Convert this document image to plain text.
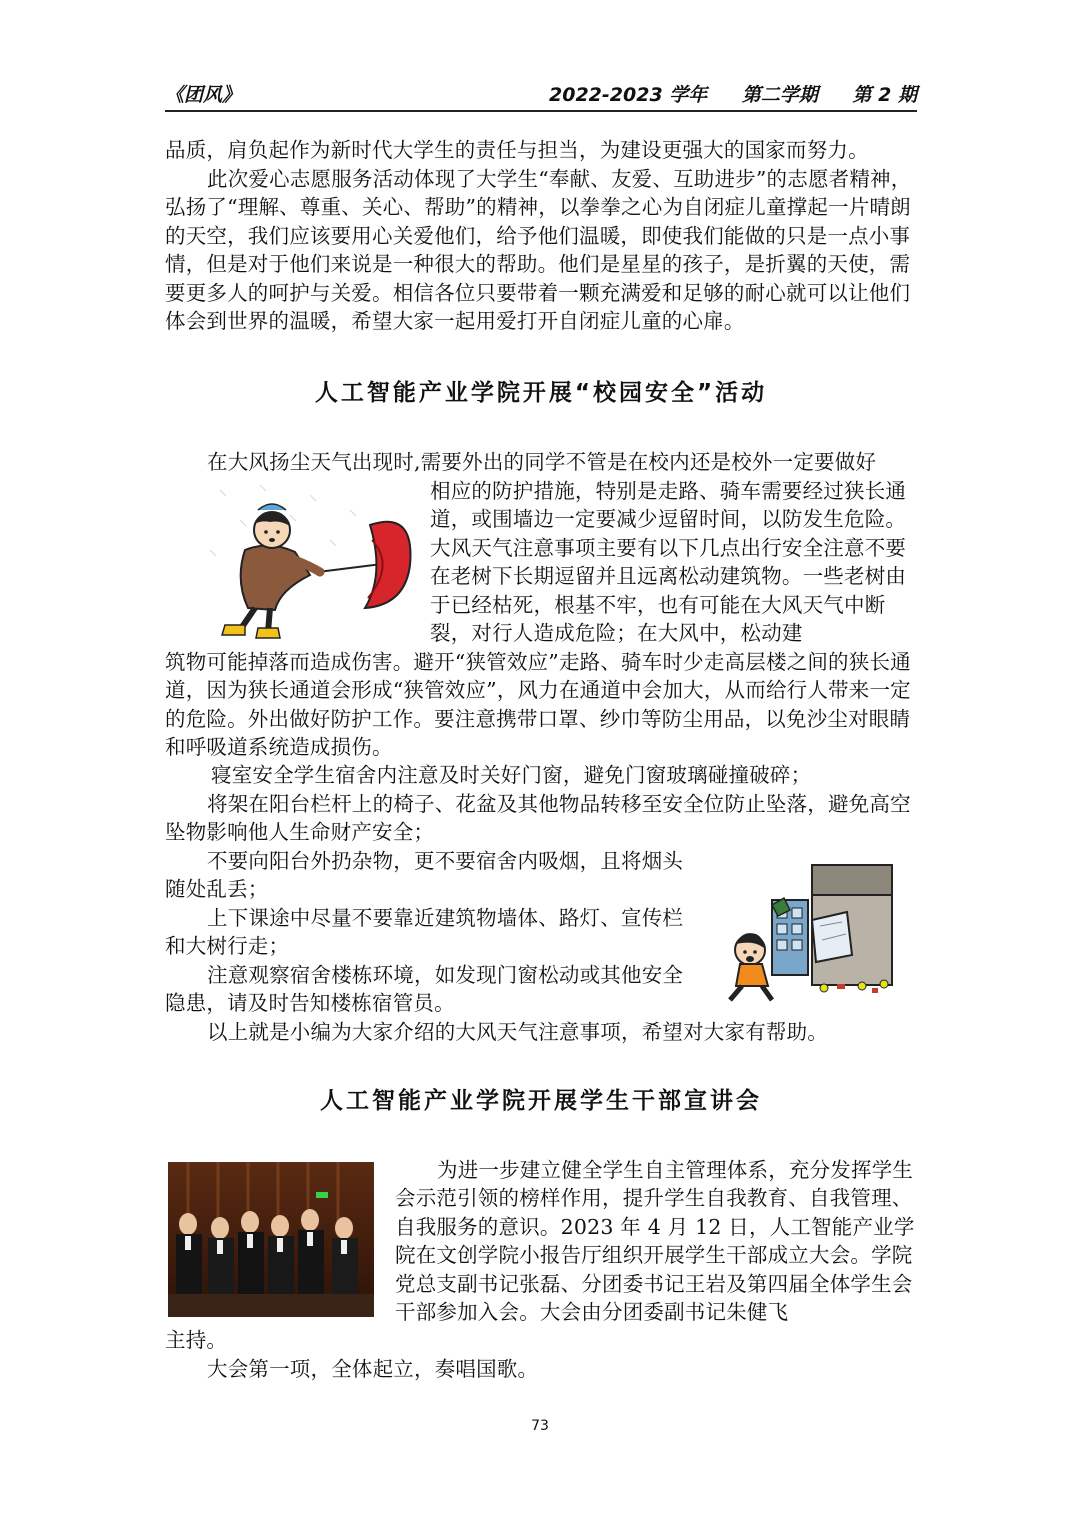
《团风》	2022-2023 学年 第二学期 第 2 期

品质，肩负起作为新时代大学生的责任与担当，为建设更强大的国家而努力。

此次爱心志愿服务活动体现了大学生“奉献、友爱、互助进步”的志愿者精神，弘扬了“理解、尊重、关心、帮助”的精神，以拳拳之心为自闭症儿童撑起一片晴朗的天空，我们应该要用心关爱他们，给予他们温暖，即使我们能做的只是一点小事情，但是对于他们来说是一种很大的帮助。他们是星星的孩子，是折翼的天使，需要更多人的呵护与关爱。相信各位只要带着一颗充满爱和足够的耐心就可以让他们体会到世界的温暖，希望大家一起用爱打开自闭症儿童的心扉。

人工智能产业学院开展“校园安全”活动

在大风扬尘天气出现时,需要外出的同学不管是在校内还是校外一定要做好

相应的防护措施，特别是走路、骑车需要经过狭长通道，或围墙边一定要减少逗留时间，以防发生危险。大风天气注意事项主要有以下几点出行安全注意不要在老树下长期逗留并且远离松动建筑物。一些老树由于已经枯死，根基不牢，也有可能在大风天气中断裂，对行人造成危险；在大风中，松动建

筑物可能掉落而造成伤害。避开“狭管效应”走路、骑车时少走高层楼之间的狭长通道，因为狭长通道会形成“狭管效应”，风力在通道中会加大，从而给行人带来一定的危险。外出做好防护工作。要注意携带口罩、纱巾等防尘用品，以免沙尘对眼睛和呼吸道系统造成损伤。

寝室安全学生宿舍内注意及时关好门窗，避免门窗玻璃碰撞破碎；

将架在阳台栏杆上的椅子、花盆及其他物品转移至安全位防止坠落，避免高空坠物影响他人生命财产安全；

不要向阳台外扔杂物，更不要宿舍内吸烟，且将烟头随处乱丢；

上下课途中尽量不要靠近建筑物墙体、路灯、宣传栏和大树行走；

注意观察宿舍楼栋环境，如发现门窗松动或其他安全隐患，请及时告知楼栋宿管员。

以上就是小编为大家介绍的大风天气注意事项，希望对大家有帮助。

人工智能产业学院开展学生干部宣讲会

为进一步建立健全学生自主管理体系，充分发挥学生会示范引领的榜样作用，提升学生自我教育、自我管理、自我服务的意识。2023 年 4 月 12 日，人工智能产业学院在文创学院小报告厅组织开展学生干部成立大会。学院党总支副书记张磊、分团委书记王岩及第四届全体学生会干部参加入会。大会由分团委副书记朱健飞

主持。

大会第一项，全体起立，奏唱国歌。

73
